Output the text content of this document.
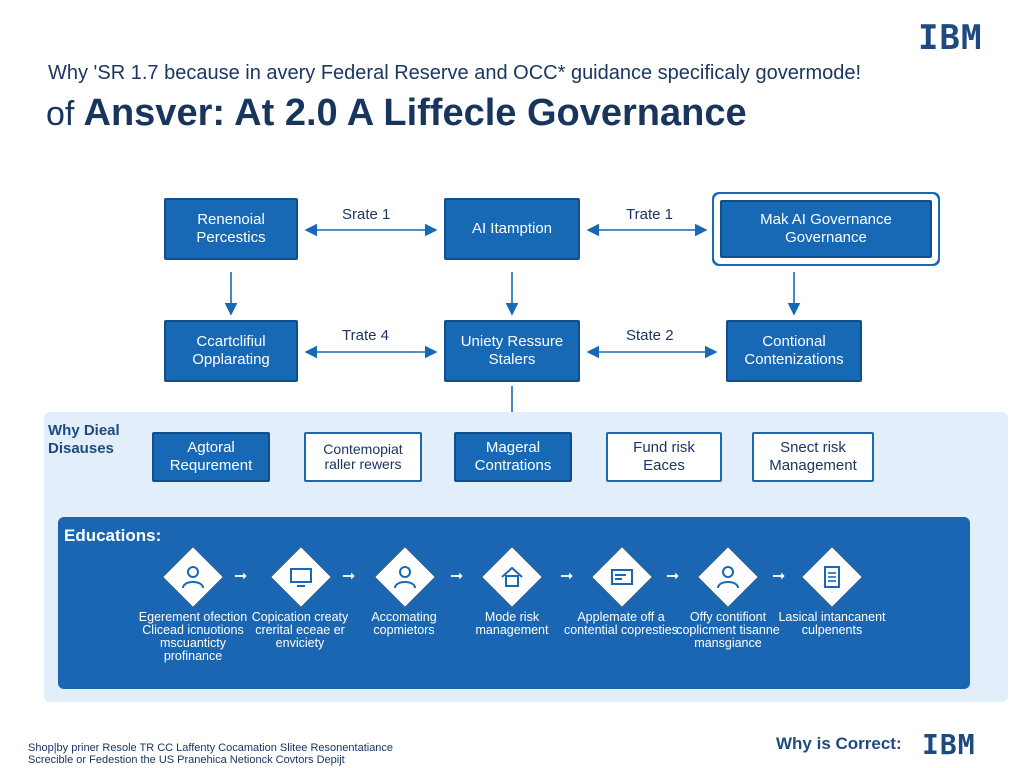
IBM
Why 'SR 1.7 because in avery Federal Reserve and OCC* guidance specificaly govermode!
of Ansver: At 2.0 A Liffecle Governance
Renenoial Percestics
AI Itamption
Mak AI Governance Governance
Srate 1	Trate 1
Ccartclifiul Opplarating
Uniety Ressure Stalers
Contional Contenizations
Trate 4	State 2
Why Dieal Disauses	Agtoral Requrement
Contemopiat raller rewers
Mageral Contrations
Fund risk Eaces
Snect risk Management
Educations:
➞	➞	➞	➞	➞	➞
Egerement ofection Clicead icnuotions mscuanticty profinance
Copication creaty crerital eceae er enviciety
Accomating copmietors
Mode risk management
Applemate off a contential copresties
Offy contifiont coplicment tisanne mansgiance
Lasical intancanent culpenents
Shop|by priner Resole TR CC Laffenty Cocamation Slitee Resonentatiance
Screcible or Fedestion the US Pranehica Netionck Covtors Depijt
Why is Correct: IBM
